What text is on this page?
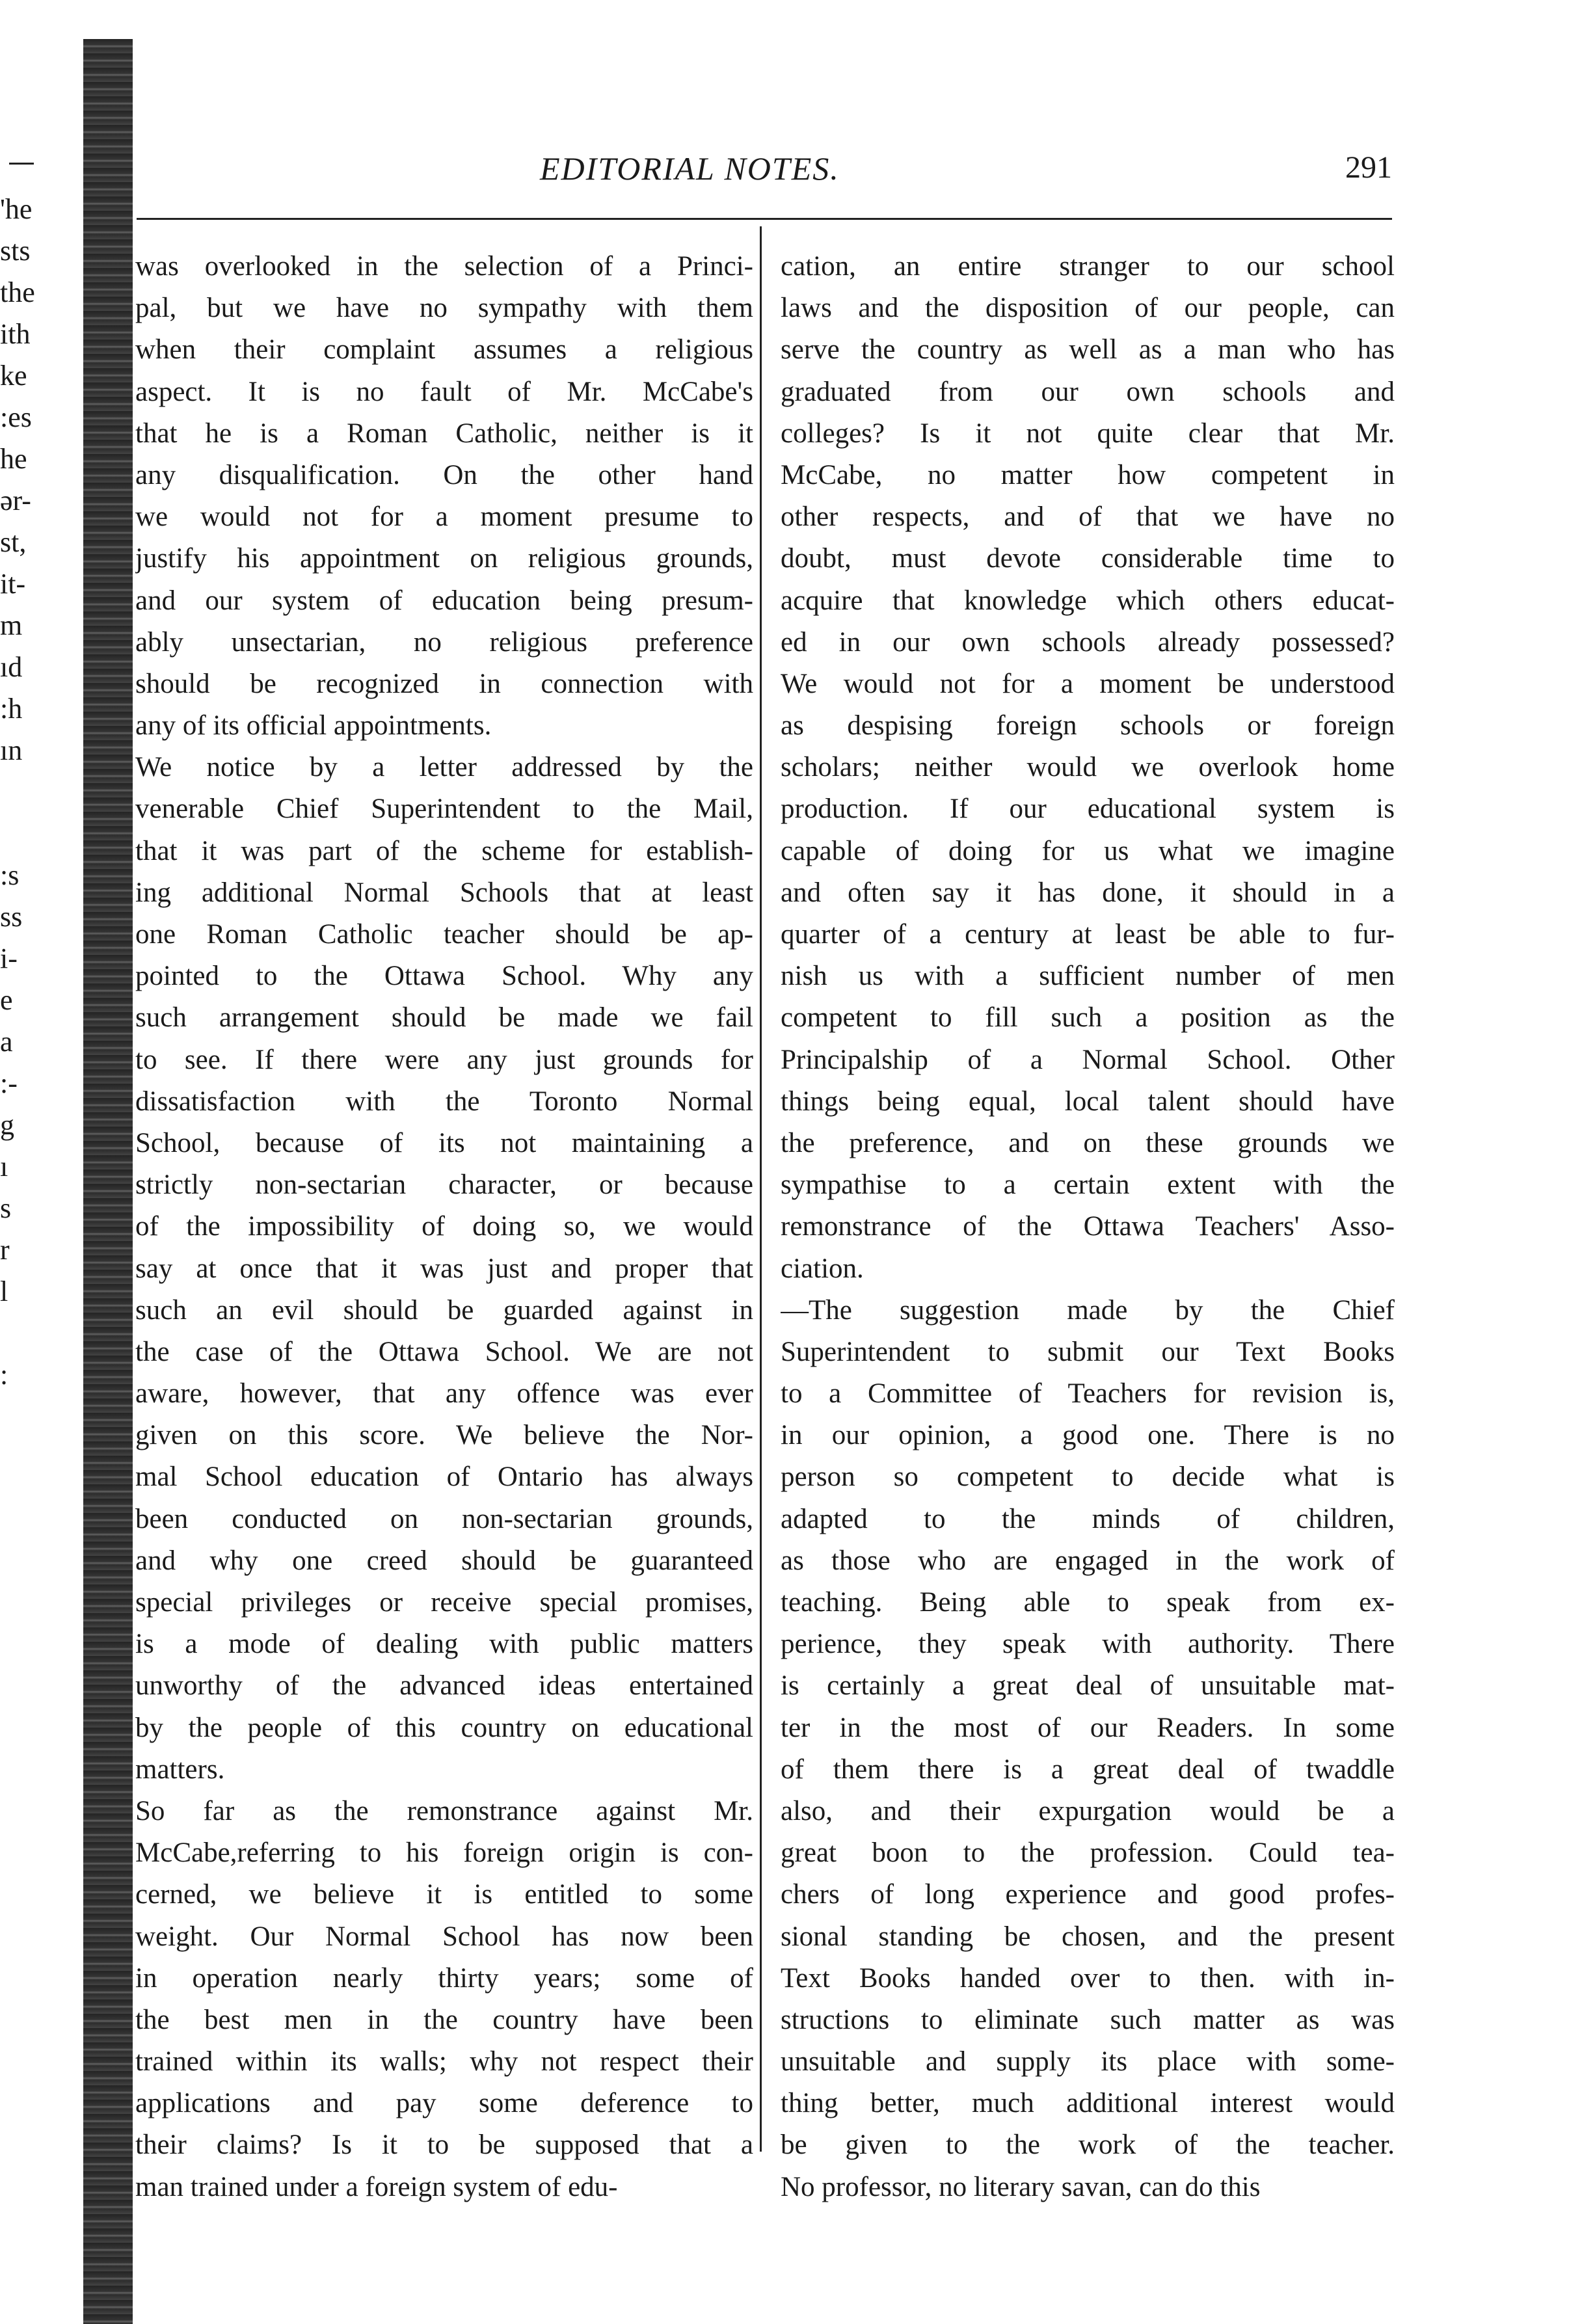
'he
sts
the
ith
ke
:es
he
ər-
st,
it-
m
ıd
:h
ın
:s
ss
i-
e
a
:-
g
ı
s
r
l
:
EDITORIAL NOTES.	291

was overlooked in the selection of a Princi-

pal, but we have no sympathy with them

when their complaint assumes a religious

aspect. It is no fault of Mr. McCabe's

that he is a Roman Catholic, neither is it

any disqualification. On the other hand

we would not for a moment presume to

justify his appointment on religious grounds,

and our system of education being presum-

ably unsectarian, no religious preference

should be recognized in connection with

any of its official appointments.

We notice by a letter addressed by the

venerable Chief Superintendent to the Mail,

that it was part of the scheme for establish-

ing additional Normal Schools that at least

one Roman Catholic teacher should be ap-

pointed to the Ottawa School. Why any

such arrangement should be made we fail

to see. If there were any just grounds for

dissatisfaction with the Toronto Normal

School, because of its not maintaining a

strictly non-sectarian character, or because

of the impossibility of doing so, we would

say at once that it was just and proper that

such an evil should be guarded against in

the case of the Ottawa School. We are not

aware, however, that any offence was ever

given on this score. We believe the Nor-

mal School education of Ontario has always

been conducted on non-sectarian grounds,

and why one creed should be guaranteed

special privileges or receive special promises,

is a mode of dealing with public matters

unworthy of the advanced ideas entertained

by the people of this country on educational

matters.

So far as the remonstrance against Mr.

McCabe,referring to his foreign origin is con-

cerned, we believe it is entitled to some

weight. Our Normal School has now been

in operation nearly thirty years; some of

the best men in the country have been

trained within its walls; why not respect their

applications and pay some deference to

their claims? Is it to be supposed that a

man trained under a foreign system of edu-

cation, an entire stranger to our school

laws and the disposition of our people, can

serve the country as well as a man who has

graduated from our own schools and

colleges? Is it not quite clear that Mr.

McCabe, no matter how competent in

other respects, and of that we have no

doubt, must devote considerable time to

acquire that knowledge which others educat-

ed in our own schools already possessed?

We would not for a moment be understood

as despising foreign schools or foreign

scholars; neither would we overlook home

production. If our educational system is

capable of doing for us what we imagine

and often say it has done, it should in a

quarter of a century at least be able to fur-

nish us with a sufficient number of men

competent to fill such a position as the

Principalship of a Normal School. Other

things being equal, local talent should have

the preference, and on these grounds we

sympathise to a certain extent with the

remonstrance of the Ottawa Teachers' Asso-

ciation.

—The suggestion made by the Chief

Superintendent to submit our Text Books

to a Committee of Teachers for revision is,

in our opinion, a good one. There is no

person so competent to decide what is

adapted to the minds of children,

as those who are engaged in the work of

teaching. Being able to speak from ex-

perience, they speak with authority. There

is certainly a great deal of unsuitable mat-

ter in the most of our Readers. In some

of them there is a great deal of twaddle

also, and their expurgation would be a

great boon to the profession. Could tea-

chers of long experience and good profes-

sional standing be chosen, and the present

Text Books handed over to then. with in-

structions to eliminate such matter as was

unsuitable and supply its place with some-

thing better, much additional interest would

be given to the work of the teacher.

No professor, no literary savan, can do this
